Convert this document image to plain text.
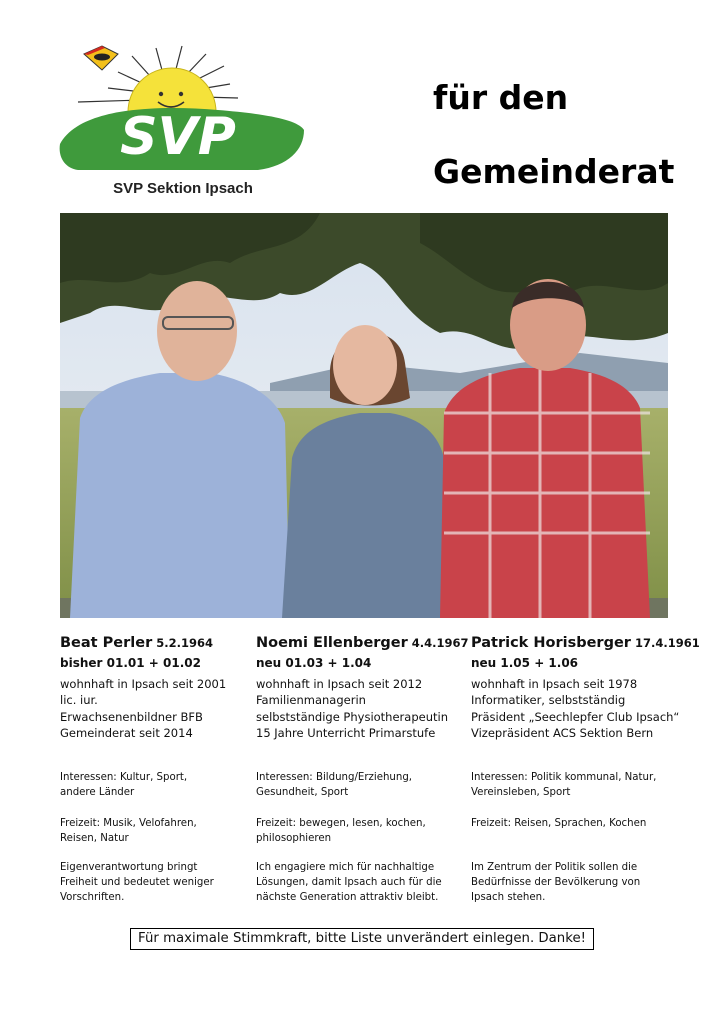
SVP
SVP Sektion Ipsach
für den
Gemeinderat
Beat Perler 5.2.1964
bisher 01.01 + 01.02
wohnhaft in Ipsach seit 2001
lic. iur.
Erwachsenenbildner BFB
Gemeinderat seit 2014
Interessen: Kultur, Sport,
andere Länder
Freizeit: Musik, Velofahren,
Reisen, Natur
Eigenverantwortung bringt
Freiheit und bedeutet weniger
Vorschriften.
Noemi Ellenberger 4.4.1967
neu 01.03 + 1.04
wohnhaft in Ipsach seit 2012
Familienmanagerin
selbstständige Physiotherapeutin
15 Jahre Unterricht Primarstufe
Interessen: Bildung/Erziehung,
Gesundheit, Sport
Freizeit: bewegen, lesen, kochen,
philosophieren
Ich engagiere mich für nachhaltige
Lösungen, damit Ipsach auch für die
nächste Generation attraktiv bleibt.
Patrick Horisberger 17.4.1961
neu 1.05 + 1.06
wohnhaft in Ipsach seit 1978
Informatiker, selbstständig
Präsident „Seechlepfer Club Ipsach“
Vizepräsident ACS Sektion Bern
Interessen: Politik kommunal, Natur,
Vereinsleben, Sport
Freizeit: Reisen, Sprachen, Kochen
Im Zentrum der Politik sollen die
Bedürfnisse der Bevölkerung von
Ipsach stehen.
Für maximale Stimmkraft, bitte Liste unverändert einlegen. Danke!
